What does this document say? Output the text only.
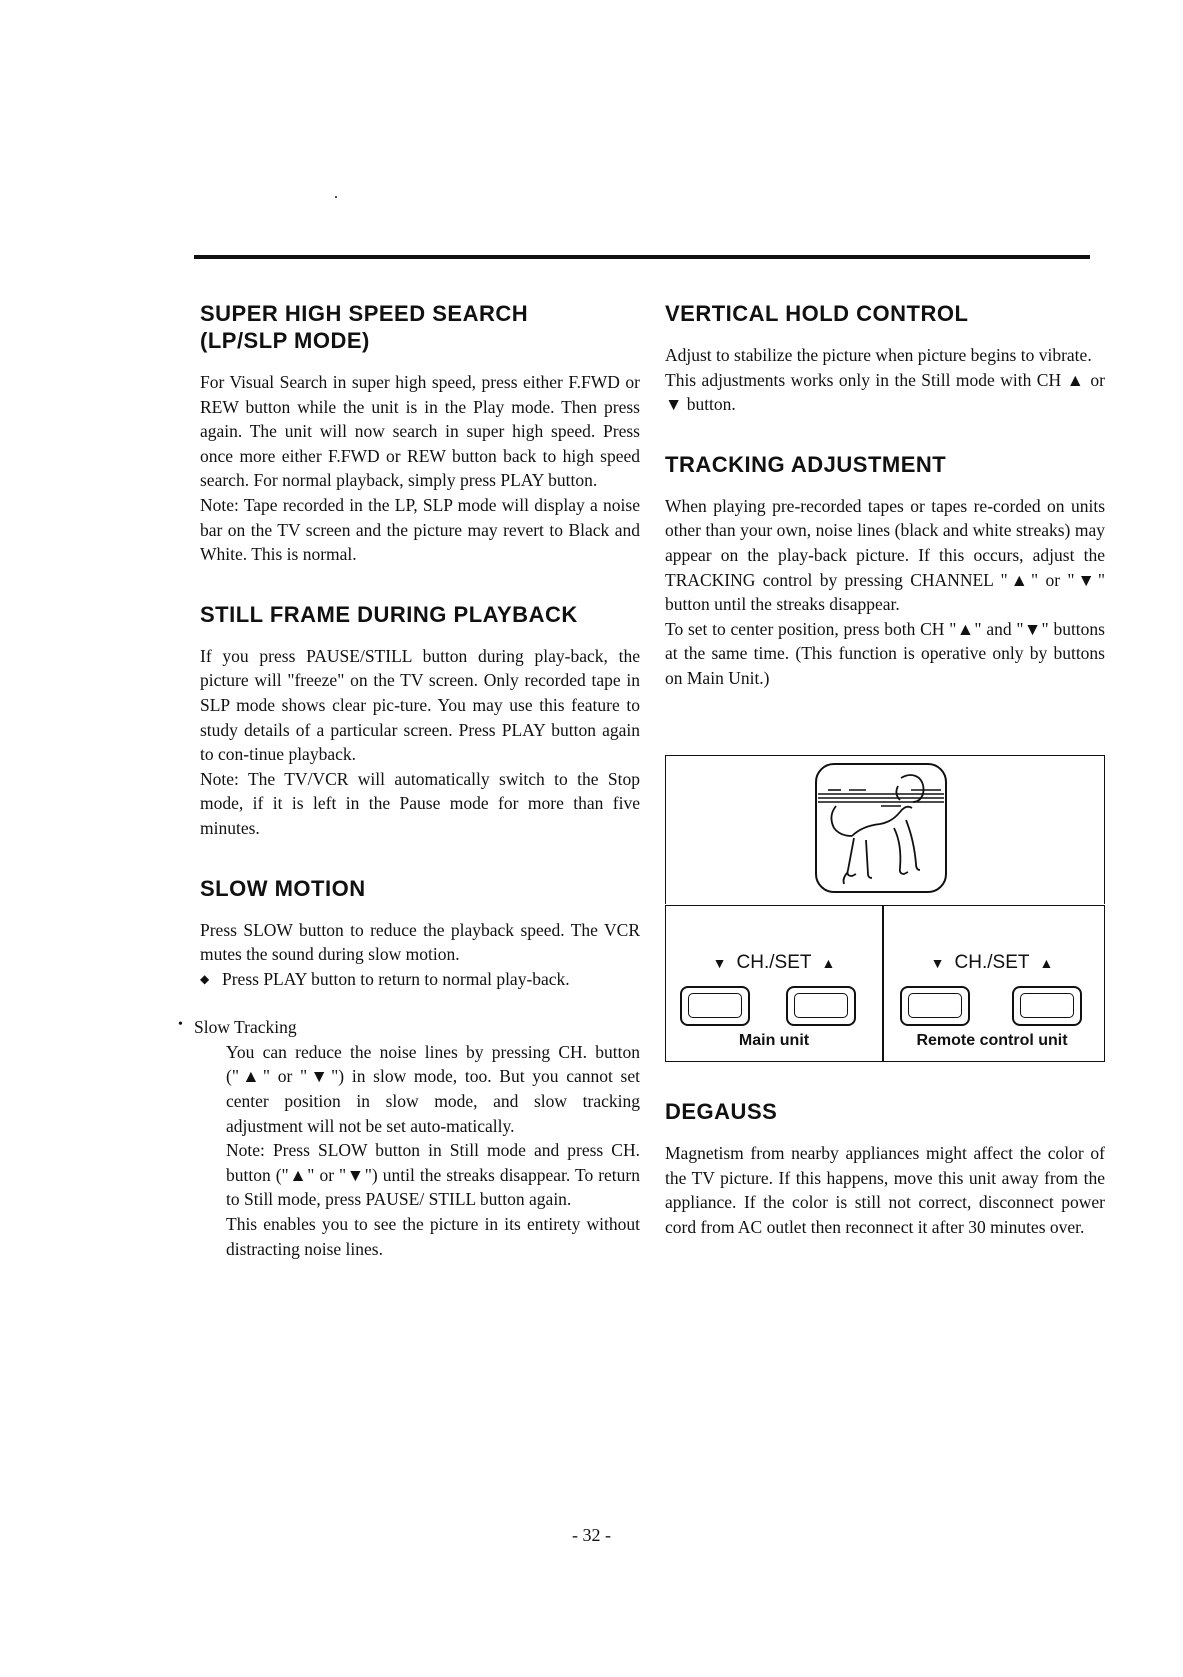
SUPER HIGH SPEED SEARCH
(LP/SLP MODE)

For Visual Search in super high speed, press either F.FWD or REW button while the unit is in the Play mode. Then press again. The unit will now search in super high speed. Press once more either F.FWD or REW button back to high speed search. For normal playback, simply press PLAY button.

Note: Tape recorded in the LP, SLP mode will display a noise bar on the TV screen and the picture may revert to Black and White. This is normal.

STILL FRAME DURING PLAYBACK

If you press PAUSE/STILL button during play-back, the picture will "freeze" on the TV screen. Only recorded tape in SLP mode shows clear pic-ture. You may use this feature to study details of a particular screen. Press PLAY button again to con-tinue playback.

Note: The TV/VCR will automatically switch to the Stop mode, if it is left in the Pause mode for more than five minutes.

SLOW MOTION

Press SLOW button to reduce the playback speed. The VCR mutes the sound during slow motion.

◆ Press PLAY button to return to normal play-back.
• Slow Tracking

You can reduce the noise lines by pressing CH. button ("▲" or "▼") in slow mode, too. But you cannot set center position in slow mode, and slow tracking adjustment will not be set auto-matically.

Note: Press SLOW button in Still mode and press CH. button ("▲" or "▼") until the streaks disappear. To return to Still mode, press PAUSE/ STILL button again.

This enables you to see the picture in its entirety without distracting noise lines.

VERTICAL HOLD CONTROL

Adjust to stabilize the picture when picture begins to vibrate.

This adjustments works only in the Still mode with CH ▲ or ▼ button.

TRACKING ADJUSTMENT

When playing pre-recorded tapes or tapes re-corded on units other than your own, noise lines (black and white streaks) may appear on the play-back picture. If this occurs, adjust the TRACKING control by pressing CHANNEL "▲" or "▼" button until the streaks disappear.

To set to center position, press both CH "▲" and "▼" buttons at the same time. (This function is operative only by buttons on Main Unit.)

▼ CH./SET ▲
Main unit
▼ CH./SET ▲
Remote control unit
DEGAUSS

Magnetism from nearby appliances might affect the color of the TV picture. If this happens, move this unit away from the appliance. If the color is still not correct, disconnect power cord from AC outlet then reconnect it after 30 minutes over.

- 32 -
